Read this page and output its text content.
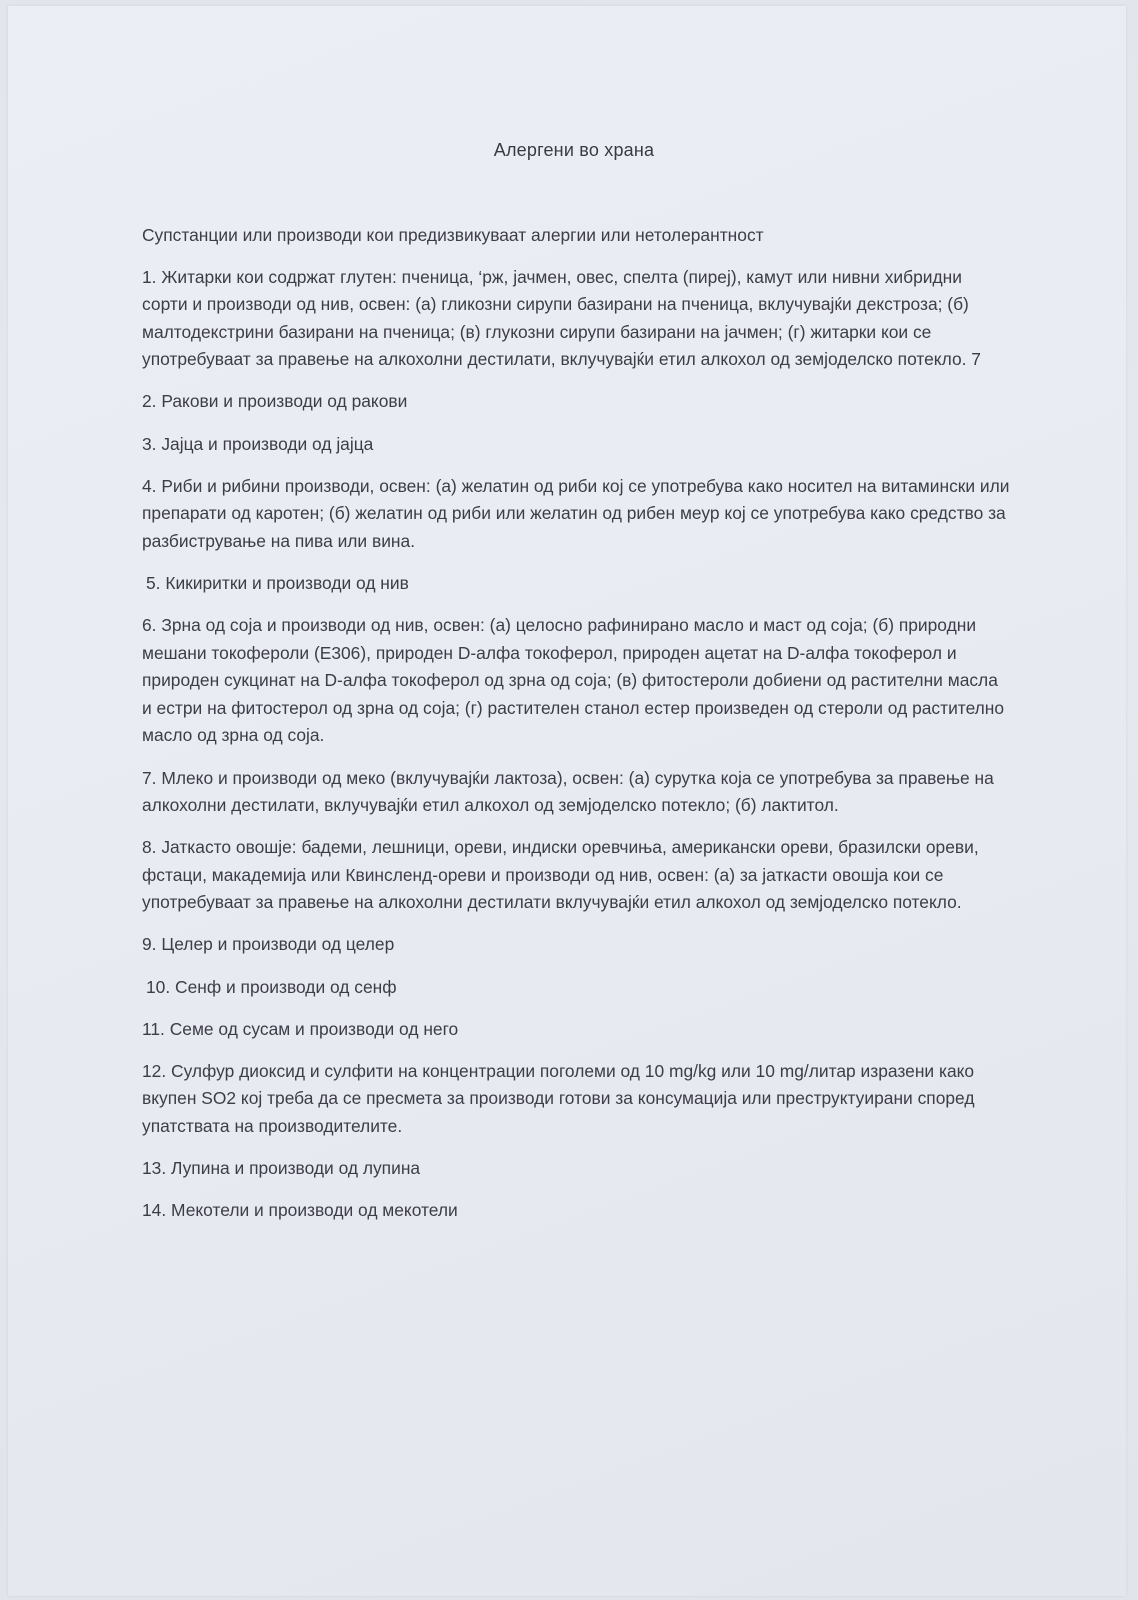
Алергени во храна
Супстанции или производи кои предизвикуваат алергии или нетолерантност
1. Житарки кои содржат глутен: пченица, ‘рж, јачмен, овес, спелта (пиреј), камут или нивни хибридни сорти и производи од нив, освен: (а) гликозни сирупи базирани на пченица, вклучувајќи декстроза; (б) малтодекстрини базирани на пченица; (в) глукозни сирупи базирани на јачмен; (г) житарки кои се употребуваат за правење на алкохолни дестилати, вклучувајќи етил алкохол од земјоделско потекло. 7
2. Ракови и производи од ракови
3. Јајца и производи од јајца
4. Риби и рибини производи, освен: (а) желатин од риби кој се употребува како носител на витамински или препарати од каротен; (б) желатин од риби или желатин од рибен меур кој се употребува како средство за разбистрување на пива или вина.
5. Кикиритки и производи од нив
6. Зрна од соја и производи од нив, освен: (а) целосно рафинирано масло и маст од соја; (б) природни мешани токофероли (Е306), природен D-алфа токоферол, природен ацетат на D-алфа токоферол и природен сукцинат на D-алфа токоферол од зрна од соја; (в) фитостероли добиени од растителни масла и естри на фитостерол од зрна од соја; (г) растителен станол естер произведен од стероли од растително масло од зрна од соја.
7. Млеко и производи од меко (вклучувајќи лактоза), освен: (а) сурутка која се употребува за правење на алкохолни дестилати, вклучувајќи етил алкохол од земјоделско потекло; (б) лактитол.
8. Јаткасто овошје: бадеми, лешници, ореви, индиски оревчиња, американски ореви, бразилски ореви, фстаци, макадемија или Квинсленд-ореви и производи од нив, освен: (а) за јаткасти овошја кои се употребуваат за правење на алкохолни дестилати вклучувајќи етил алкохол од земјоделско потекло.
9. Целер и производи од целер
10. Сенф и производи од сенф
11. Семе од сусам и производи од него
12. Сулфур диоксид и сулфити на концентрации поголеми од 10 mg/kg или 10 mg/литар изразени како вкупен SO2 кој треба да се пресмета за производи готови за консумација или преструктуирани според упатствата на производителите.
13. Лупина и производи од лупина
14. Мекотели и производи од мекотели
